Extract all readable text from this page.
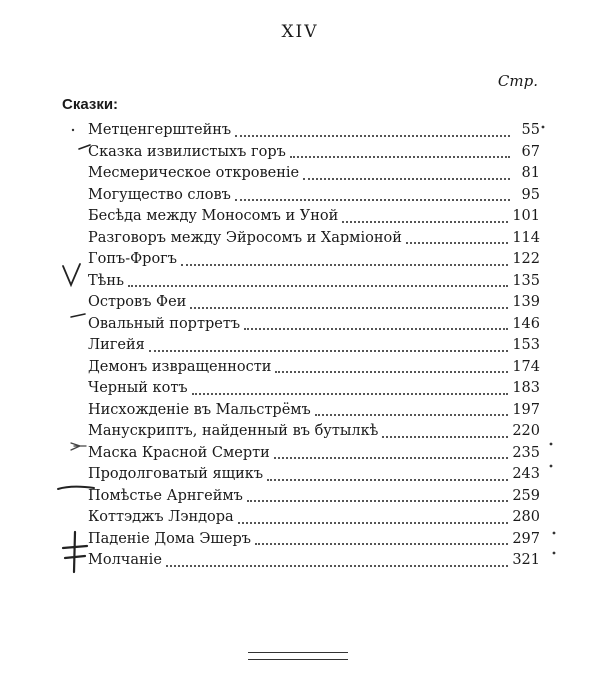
XIV
Стр.
Сказки:
Метценгерштейнъ	55
Сказка извилистыхъ горъ	67
Месмерическое откровеніе	81
Могущество словъ	95
Бесѣда между Моносомъ и Уной	101
Разговоръ между Эйросомъ и Харміоной	114
Гопъ-Фрогъ	122
Тѣнь	135
Островъ Феи	139
Овальный портретъ	146
Лигейя	153
Демонъ извращенности	174
Черный котъ	183
Нисхожденіе въ Мальстрёмъ	197
Манускриптъ, найденный въ бутылкѣ	220
Маска Красной Смерти	235
Продолговатый ящикъ	243
Помѣстье Арнгеймъ	259
Коттэджъ Лэндора	280
Паденіе Дома Эшеръ	297
Молчаніе	321
